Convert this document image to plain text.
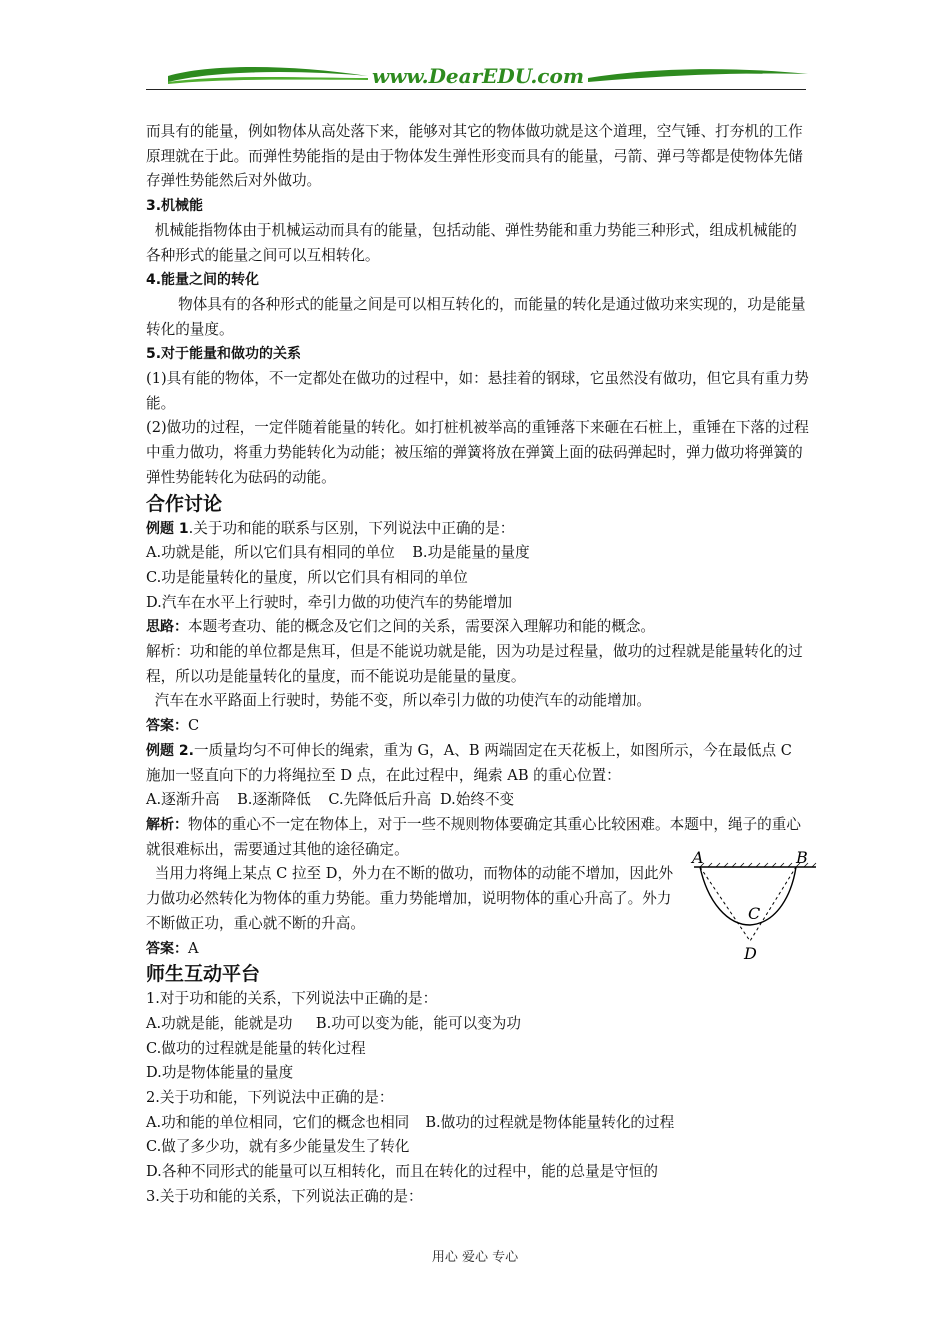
www.DearEDU.com

而具有的能量，例如物体从高处落下来，能够对其它的物体做功就是这个道理，空气锤、打夯机的工作原理就在于此。而弹性势能指的是由于物体发生弹性形变而具有的能量，弓箭、弹弓等都是使物体先储存弹性势能然后对外做功。

3.机械能

机械能指物体由于机械运动而具有的能量，包括动能、弹性势能和重力势能三种形式，组成机械能的各种形式的能量之间可以互相转化。

4.能量之间的转化

物体具有的各种形式的能量之间是可以相互转化的，而能量的转化是通过做功来实现的，功是能量转化的量度。

5.对于能量和做功的关系

(1)具有能的物体，不一定都处在做功的过程中，如：悬挂着的钢球，它虽然没有做功，但它具有重力势能。

(2)做功的过程，一定伴随着能量的转化。如打桩机被举高的重锤落下来砸在石桩上，重锤在下落的过程中重力做功，将重力势能转化为动能；被压缩的弹簧将放在弹簧上面的砝码弹起时，弹力做功将弹簧的弹性势能转化为砝码的动能。

合作讨论

例题 1.关于功和能的联系与区别，下列说法中正确的是：

A.功就是能，所以它们具有相同的单位 B.功是能量的量度

C.功是能量转化的量度，所以它们具有相同的单位

D.汽车在水平上行驶时，牵引力做的功使汽车的势能增加

思路：本题考查功、能的概念及它们之间的关系，需要深入理解功和能的概念。

解析：功和能的单位都是焦耳，但是不能说功就是能，因为功是过程量，做功的过程就是能量转化的过程，所以功是能量转化的量度，而不能说功是能量的量度。

汽车在水平路面上行驶时，势能不变，所以牵引力做的功使汽车的动能增加。

答案：C

例题 2.一质量均匀不可伸长的绳索，重为 G，A、B 两端固定在天花板上，如图所示，今在最低点 C 施加一竖直向下的力将绳拉至 D 点，在此过程中，绳索 AB 的重心位置：

A.逐渐升高 B.逐渐降低 C.先降低后升高 D.始终不变

解析：物体的重心不一定在物体上，对于一些不规则物体要确定其重心比较困难。本题中，绳子的重心就很难标出，需要通过其他的途径确定。

当用力将绳上某点 C 拉至 D，外力在不断的做功，而物体的动能不增加，因此外力做功必然转化为物体的重力势能。重力势能增加，说明物体的重心升高了。外力不断做正功，重心就不断的升高。

答案：A

师生互动平台

1.对于功和能的关系，下列说法中正确的是：

A.功就是能，能就是功 B.功可以变为能，能可以变为功

C.做功的过程就是能量的转化过程

D.功是物体能量的量度

2.关于功和能，下列说法中正确的是：

A.功和能的单位相同，它们的概念也相同 B.做功的过程就是物体能量转化的过程

C.做了多少功，就有多少能量发生了转化

D.各种不同形式的能量可以互相转化，而且在转化的过程中，能的总量是守恒的

3.关于功和能的关系，下列说法正确的是：

A	B
C
D
用心 爱心 专心
